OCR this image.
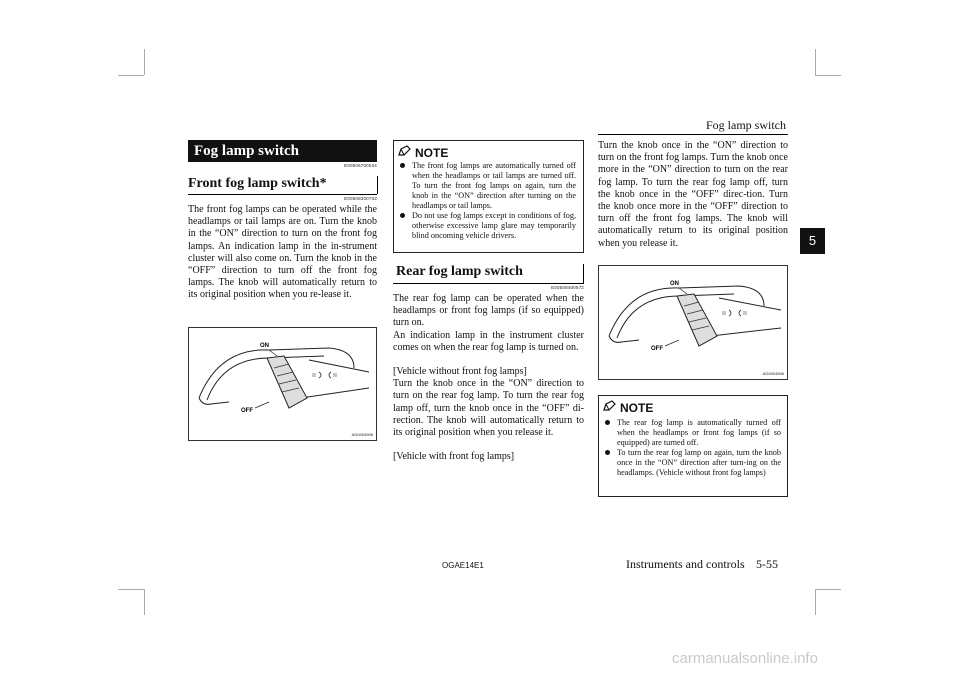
Fog lamp switch
5
Fog lamp switch
E00506700034
Front fog lamp switch*
E00508300702

The front fog lamps can be operated while the headlamps or tail lamps are on. Turn the knob in the “ON” direction to turn on the front fog lamps. An indication lamp in the in-strument cluster will also come on. Turn the knob in the “OFF” direction to turn off the front fog lamps. The knob will automatically return to its original position when you re-lease it.

ON
OFF
AG0004596
NOTE
The front fog lamps are automatically turned off when the headlamps or tail lamps are turned off. To turn the front fog lamps on again, turn the knob in the “ON” direction after turning on the headlamps or tail lamps.
Do not use fog lamps except in conditions of fog, otherwise excessive lamp glare may temporarily blind oncoming vehicle drivers.
Rear fog lamp switch
E00508400572

The rear fog lamp can be operated when the headlamps or front fog lamps (if so equipped) turn on.

An indication lamp in the instrument cluster comes on when the rear fog lamp is turned on.

[Vehicle without front fog lamps]

Turn the knob once in the “ON” direction to turn on the rear fog lamp. To turn the rear fog lamp off, turn the knob once in the “OFF” di-rection. The knob will automatically return to its original position when you release it.

[Vehicle with front fog lamps]

Turn the knob once in the “ON” direction to turn on the front fog lamps. Turn the knob once more in the “ON” direction to turn on the rear fog lamp. To turn the rear fog lamp off, turn the knob once in the “OFF” direc-tion. Turn the knob once more in the “OFF” direction to turn off the front fog lamps. The knob will automatically return to its original position when you release it.

ON
OFF
AG0004596
NOTE
The rear fog lamp is automatically turned off when the headlamps or front fog lamps (if so equipped) are turned off.
To turn the rear fog lamp on again, turn the knob once in the “ON” direction after turn-ing on the headlamps. (Vehicle without front fog lamps)
OGAE14E1	Instruments and controls 5-55
carmanualsonline.info
